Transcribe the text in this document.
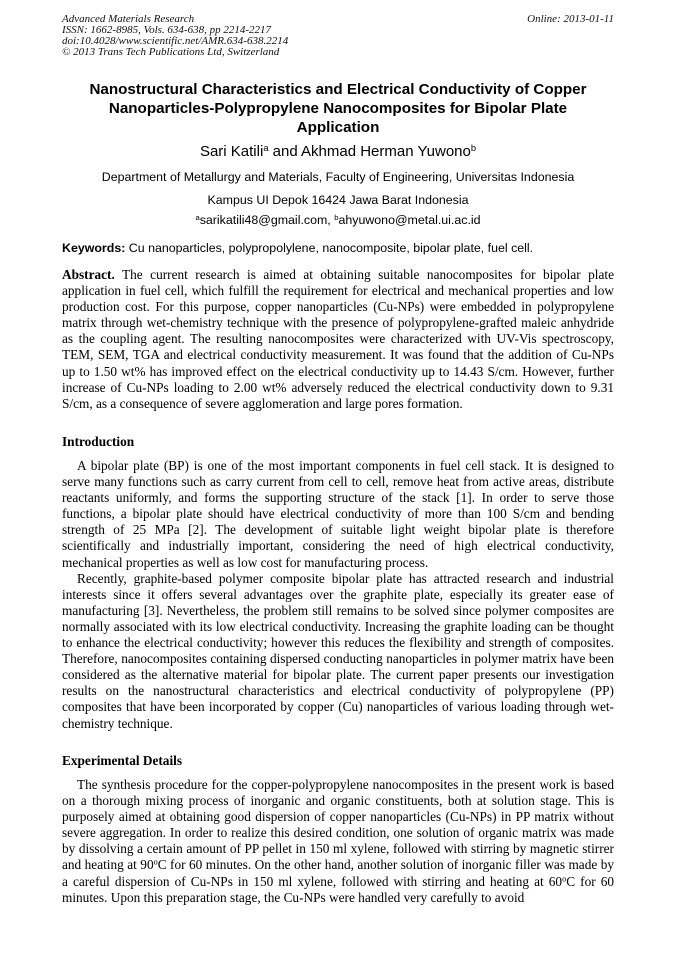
Advanced Materials Research
ISSN: 1662-8985, Vols. 634-638, pp 2214-2217
doi:10.4028/www.scientific.net/AMR.634-638.2214
© 2013 Trans Tech Publications Ltd, Switzerland
Online: 2013-01-11
Nanostructural Characteristics and Electrical Conductivity of Copper
Nanoparticles-Polypropylene Nanocomposites for Bipolar Plate
Application
Sari Katili$^a$ and Akhmad Herman Yuwono$^b$
Department of Metallurgy and Materials, Faculty of Engineering, Universitas Indonesia
Kampus UI Depok 16424 Jawa Barat Indonesia
$^a$sarikatili48@gmail.com, $^b$ahyuwono@metal.ui.ac.id
Keywords: Cu nanoparticles, polypropolylene, nanocomposite, bipolar plate, fuel cell.
Abstract. The current research is aimed at obtaining suitable nanocomposites for bipolar plate application in fuel cell, which fulfill the requirement for electrical and mechanical properties and low production cost. For this purpose, copper nanoparticles (Cu-NPs) were embedded in polypropylene matrix through wet-chemistry technique with the presence of polypropylene-grafted maleic anhydride as the coupling agent. The resulting nanocomposites were characterized with UV-Vis spectroscopy, TEM, SEM, TGA and electrical conductivity measurement. It was found that the addition of Cu-NPs up to 1.50 wt% has improved effect on the electrical conductivity up to 14.43 S/cm. However, further increase of Cu-NPs loading to 2.00 wt% adversely reduced the electrical conductivity down to 9.31 S/cm, as a consequence of severe agglomeration and large pores formation.
Introduction

A bipolar plate (BP) is one of the most important components in fuel cell stack. It is designed to serve many functions such as carry current from cell to cell, remove heat from active areas, distribute reactants uniformly, and forms the supporting structure of the stack [1]. In order to serve those functions, a bipolar plate should have electrical conductivity of more than 100 S/cm and bending strength of 25 MPa [2]. The development of suitable light weight bipolar plate is therefore scientifically and industrially important, considering the need of high electrical conductivity, mechanical properties as well as low cost for manufacturing process.

Recently, graphite-based polymer composite bipolar plate has attracted research and industrial interests since it offers several advantages over the graphite plate, especially its greater ease of manufacturing [3]. Nevertheless, the problem still remains to be solved since polymer composites are normally associated with its low electrical conductivity. Increasing the graphite loading can be thought to enhance the electrical conductivity; however this reduces the flexibility and strength of composites. Therefore, nanocomposites containing dispersed conducting nanoparticles in polymer matrix have been considered as the alternative material for bipolar plate. The current paper presents our investigation results on the nanostructural characteristics and electrical conductivity of polypropylene (PP) composites that have been incorporated by copper (Cu) nanoparticles of various loading through wet-chemistry technique.

Experimental Details

The synthesis procedure for the copper-polypropylene nanocomposites in the present work is based on a thorough mixing process of inorganic and organic constituents, both at solution stage. This is purposely aimed at obtaining good dispersion of copper nanoparticles (Cu-NPs) in PP matrix without severe aggregation. In order to realize this desired condition, one solution of organic matrix was made by dissolving a certain amount of PP pellet in 150 ml xylene, followed with stirring by magnetic stirrer and heating at 90$^o$C for 60 minutes. On the other hand, another solution of inorganic filler was made by a careful dispersion of Cu-NPs in 150 ml xylene, followed with stirring and heating at 60$^o$C for 60 minutes. Upon this preparation stage, the Cu-NPs were handled very carefully to avoid
